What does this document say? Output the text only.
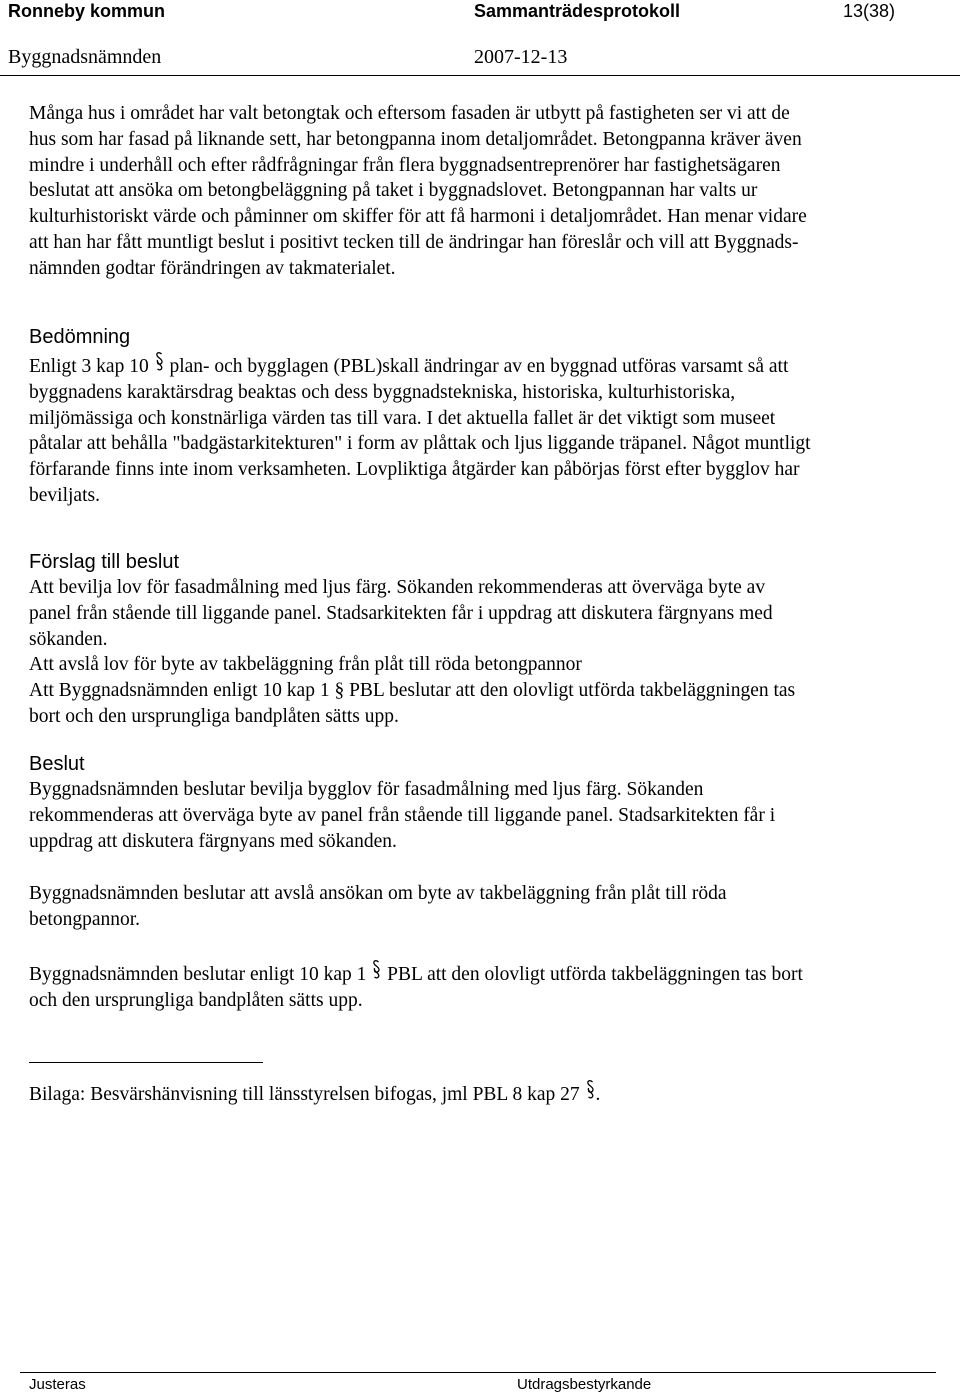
Ronneby kommun	Sammanträdesprotokoll	13(38)
Byggnadsnämnden	2007-12-13
Många hus i området har valt betongtak och eftersom fasaden är utbytt på fastigheten ser vi att de
hus som har fasad på liknande sett, har betongpanna inom detaljområdet. Betongpanna kräver även
mindre i underhåll och efter rådfrågningar från flera byggnadsentreprenörer har fastighetsägaren
beslutat att ansöka om betongbeläggning på taket i byggnadslovet. Betongpannan har valts ur
kulturhistoriskt värde och påminner om skiffer för att få harmoni i detaljområdet. Han menar vidare
att han har fått muntligt beslut i positivt tecken till de ändringar han föreslår och vill att Byggnads-
nämnden godtar förändringen av takmaterialet.
Bedömning
Enligt 3 kap 10 plan- och bygglagen (PBL)skall ändringar av en byggnad utföras varsamt så att
byggnadens karaktärsdrag beaktas och dess byggnadstekniska, historiska, kulturhistoriska,
miljömässiga och konstnärliga värden tas till vara. I det aktuella fallet är det viktigt som museet
påtalar att behålla "badgästarkitekturen" i form av plåttak och ljus liggande träpanel. Något muntligt
förfarande finns inte inom verksamheten. Lovpliktiga åtgärder kan påbörjas först efter bygglov har
beviljats.
Förslag till beslut
Att bevilja lov för fasadmålning med ljus färg. Sökanden rekommenderas att överväga byte av
panel från stående till liggande panel. Stadsarkitekten får i uppdrag att diskutera färgnyans med
sökanden.
Att avslå lov för byte av takbeläggning från plåt till röda betongpannor
Att Byggnadsnämnden enligt 10 kap 1 § PBL beslutar att den olovligt utförda takbeläggningen tas
bort och den ursprungliga bandplåten sätts upp.
Beslut
Byggnadsnämnden beslutar bevilja bygglov för fasadmålning med ljus färg. Sökanden
rekommenderas att överväga byte av panel från stående till liggande panel. Stadsarkitekten får i
uppdrag att diskutera färgnyans med sökanden.
Byggnadsnämnden beslutar att avslå ansökan om byte av takbeläggning från plåt till röda
betongpannor.
Byggnadsnämnden beslutar enligt 10 kap 1 PBL att den olovligt utförda takbeläggningen tas bort
och den ursprungliga bandplåten sätts upp.
Bilaga: Besvärshänvisning till länsstyrelsen bifogas, jml PBL 8 kap 27 .
Justeras	Utdragsbestyrkande
